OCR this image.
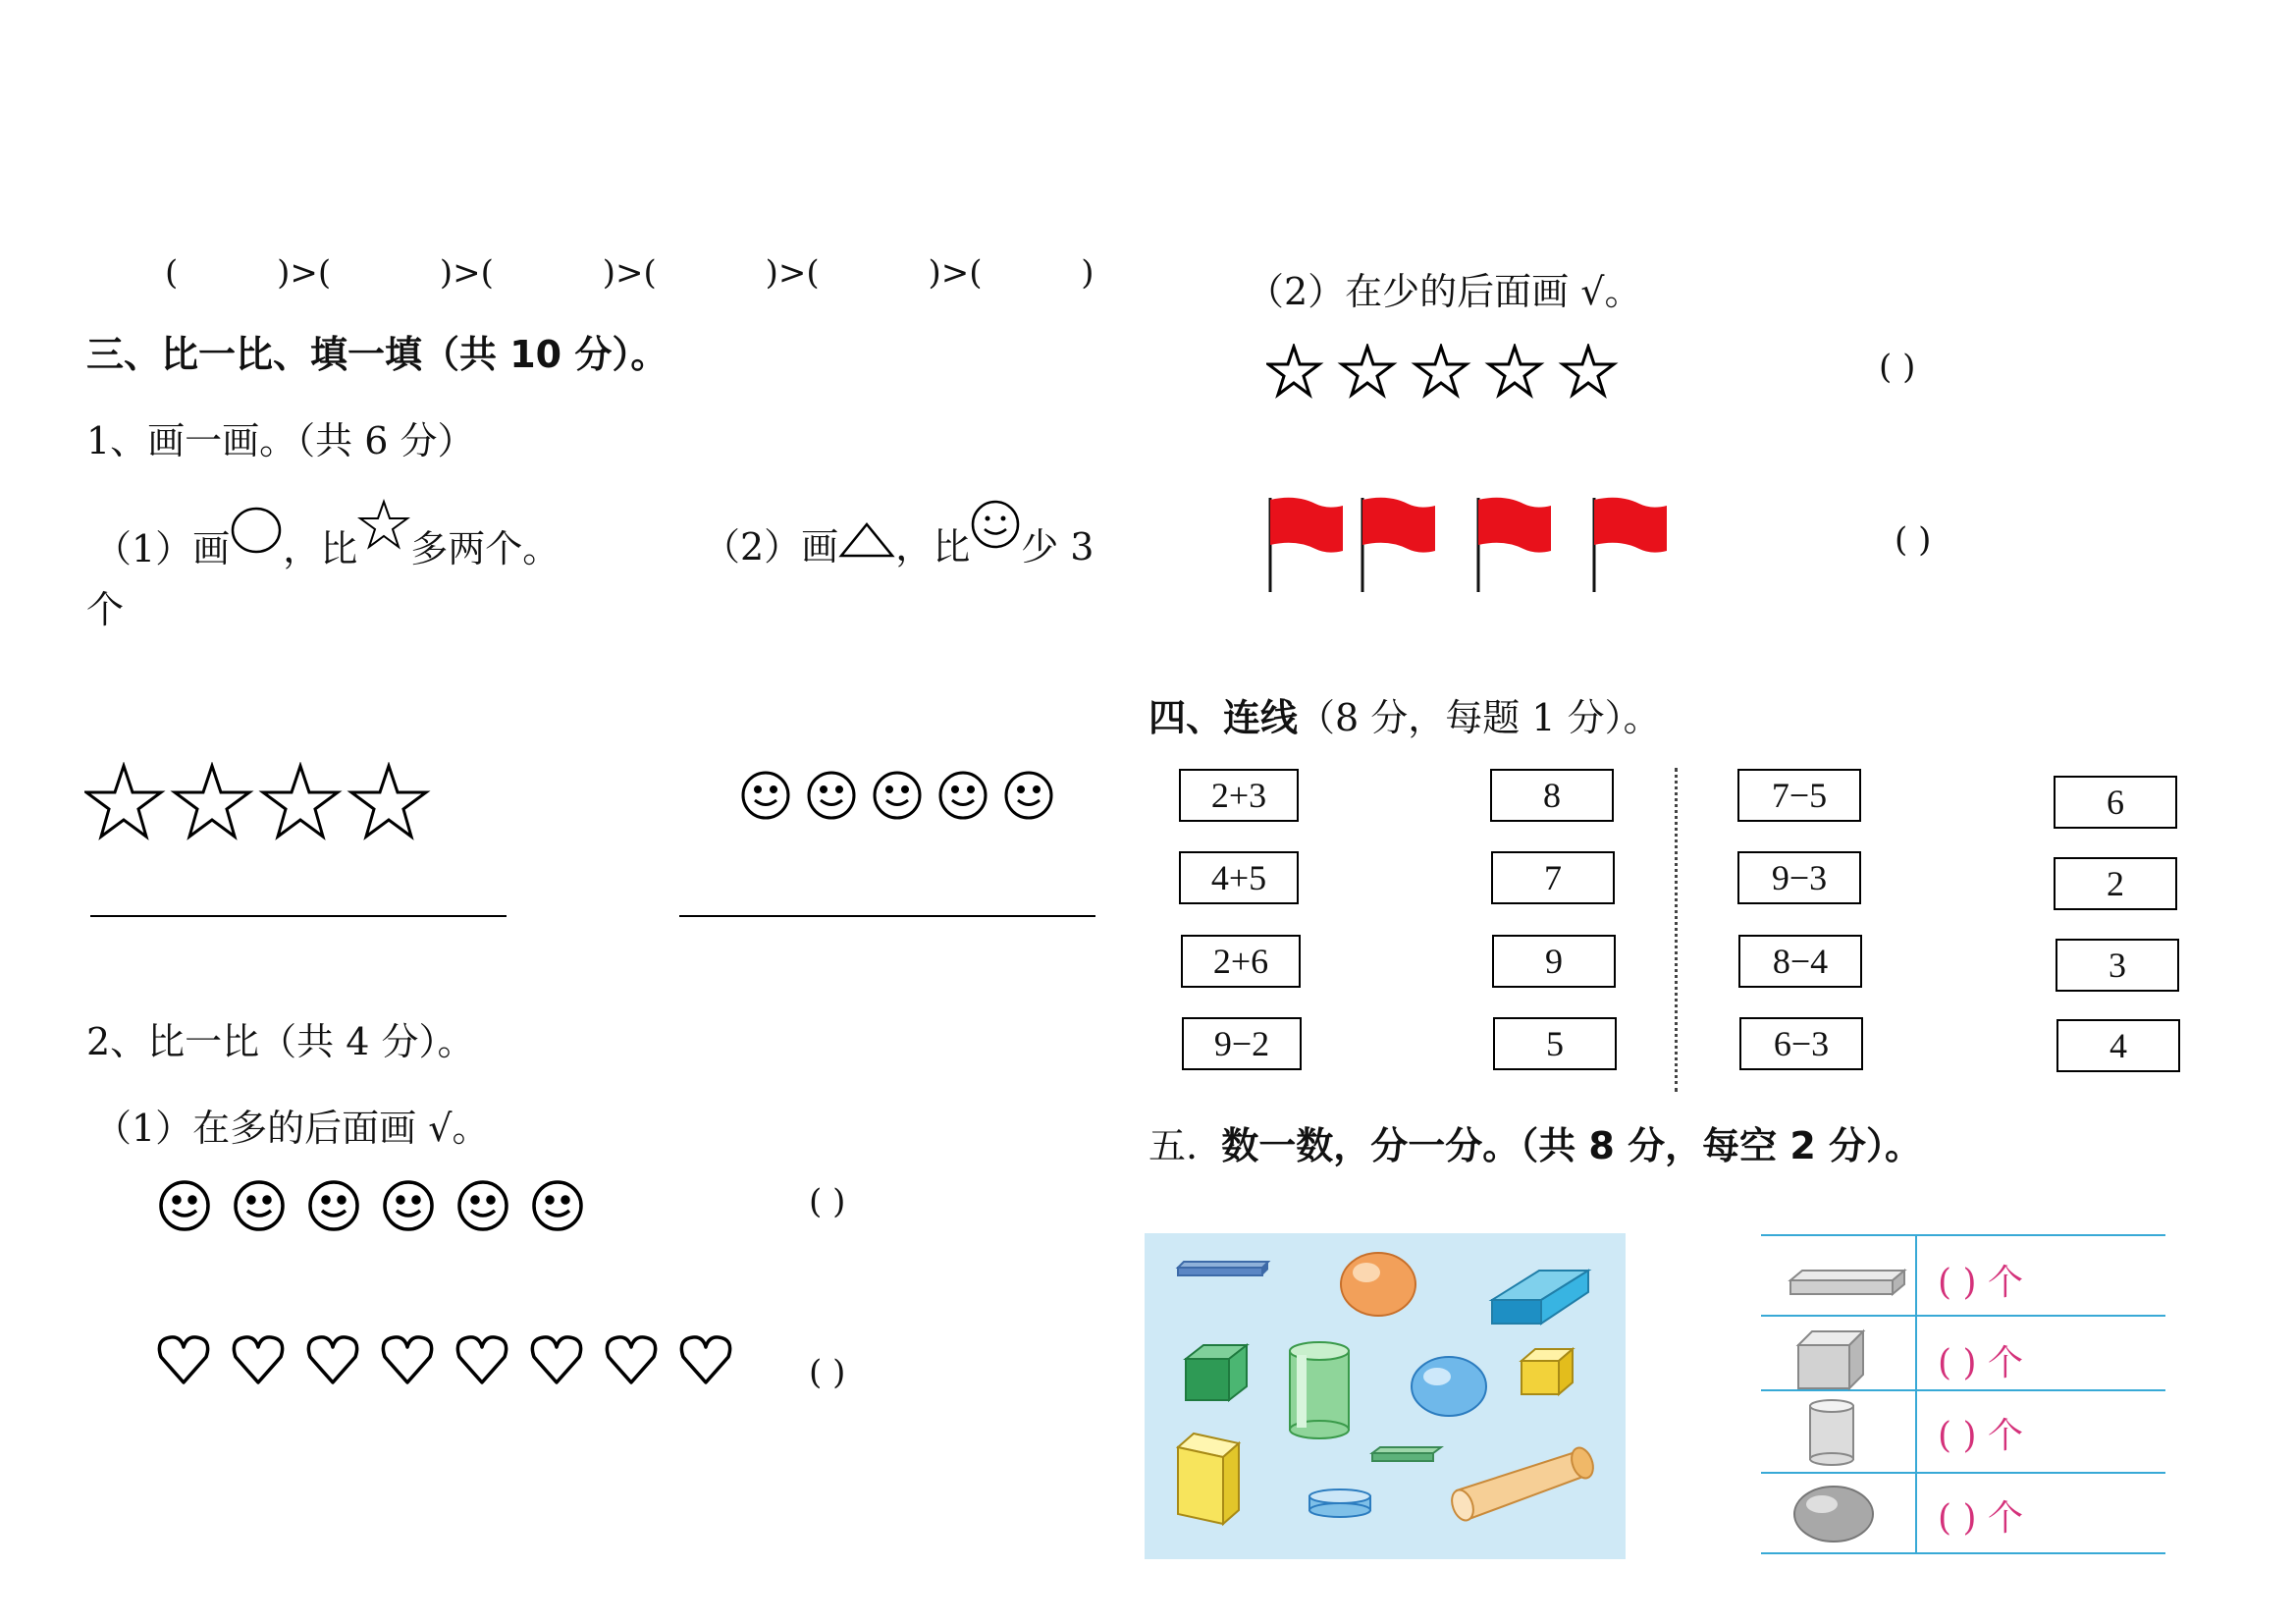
(	)>(	)>(	)>(	)>(	)>(	)
三、比一比、填一填（共 10 分）。
1、画一画。（共 6 分）
（1）画 ，比 多两个。	（2）画 ，比 少 3
个
2、比一比（共 4 分）。
（1）在多的后面画 √。
( )
( )
（2）在少的后面画 √。
( )
( )
四、连线（8 分，每题 1 分）。
2+3
4+5
2+6
9−2
8
7
9
5
7−5
9−3
8−4
6−3
6
2
3
4
五. 数一数，分一分。（共 8 分，每空 2 分）。
( ) 个
( ) 个
( ) 个
( ) 个
